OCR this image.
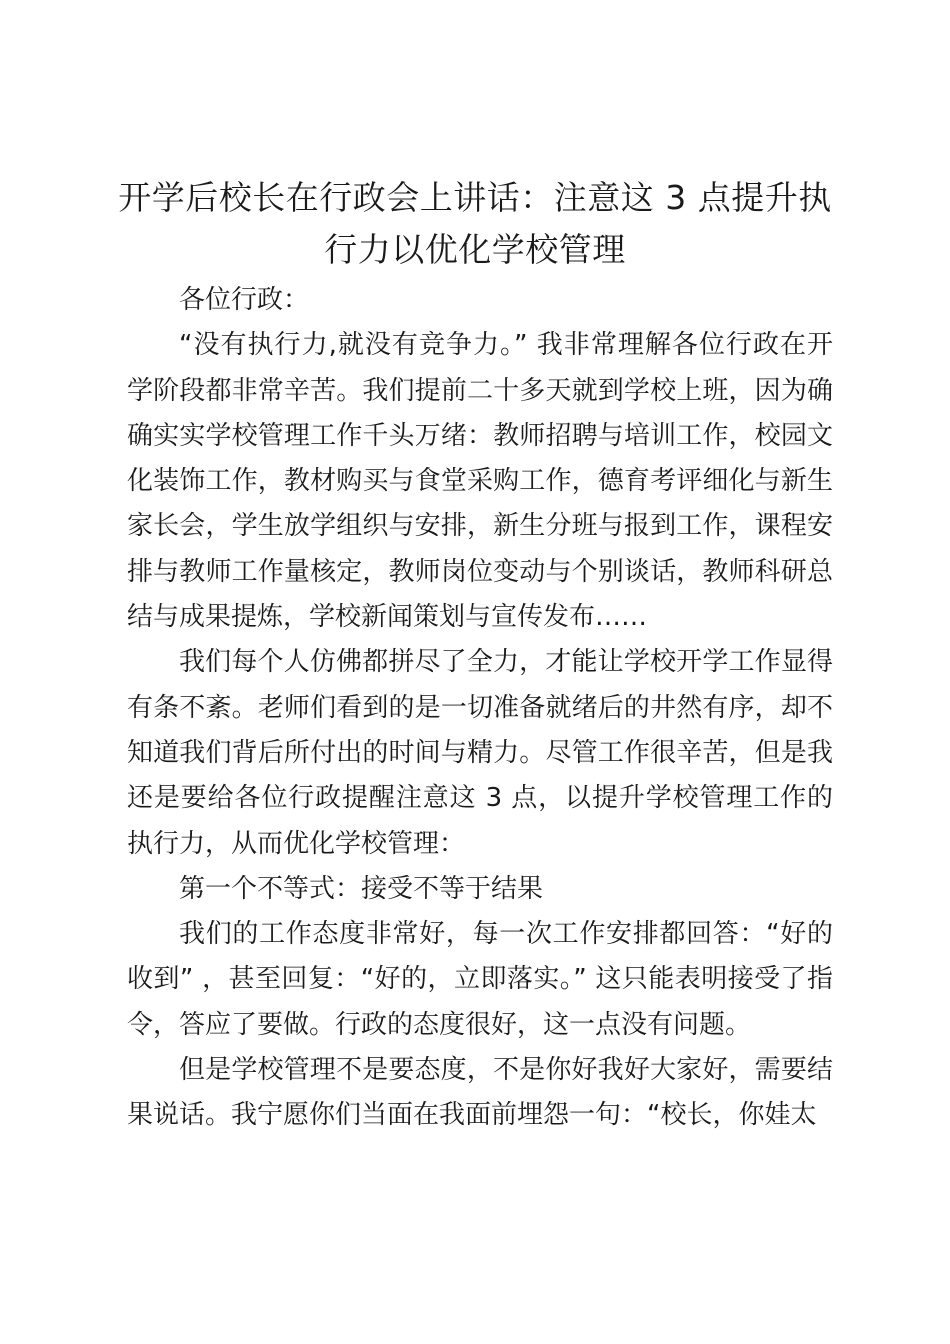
开学后校长在行政会上讲话：注意这 3 点提升执行力以优化学校管理

各位行政：

“没有执行力,就没有竞争力。” 我非常理解各位行政在开学阶段都非常辛苦。我们提前二十多天就到学校上班，因为确确实实学校管理工作千头万绪：教师招聘与培训工作，校园文化装饰工作，教材购买与食堂采购工作，德育考评细化与新生家长会，学生放学组织与安排，新生分班与报到工作，课程安排与教师工作量核定，教师岗位变动与个别谈话，教师科研总结与成果提炼，学校新闻策划与宣传发布……

我们每个人仿佛都拼尽了全力，才能让学校开学工作显得有条不紊。老师们看到的是一切准备就绪后的井然有序，却不知道我们背后所付出的时间与精力。尽管工作很辛苦，但是我还是要给各位行政提醒注意这 3 点，以提升学校管理工作的执行力，从而优化学校管理：

第一个不等式：接受不等于结果

我们的工作态度非常好，每一次工作安排都回答：“好的收到” ，甚至回复：“好的，立即落实。” 这只能表明接受了指令，答应了要做。行政的态度很好，这一点没有问题。

但是学校管理不是要态度，不是你好我好大家好，需要结果说话。我宁愿你们当面在我面前埋怨一句：“校长，你娃太
